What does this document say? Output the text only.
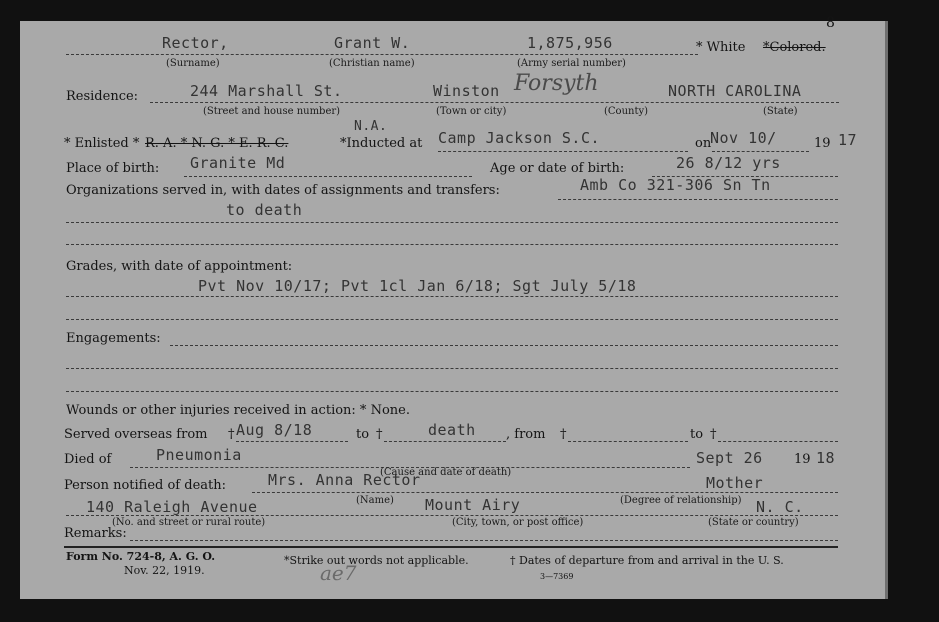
8
Rector,
(Surname)
Grant W.
(Christian name)
1,875,956
(Army serial number)
* White *Colored.
Residence:	244 Marshall St.
(Street and house number)
Winston
(Town or city)
Forsyth
(County)
NORTH CAROLINA
(State)
* Enlisted * R. A. * N. G. * E. R. C.
N.A.
*Inducted at Camp Jackson S.C.	on
Nov 10/	19 17
Place of birth: Granite Md	Age or date of birth:	26 8/12 yrs
Organizations served in, with dates of assignments and transfers:	Amb Co 321-306 Sn Tn
to death
Grades, with date of appointment:
Pvt Nov 10/17; Pvt 1cl Jan 6/18; Sgt July 5/18
Engagements:
Wounds or other injuries received in action: * None.
Served overseas from † Aug 8/18	to †	death , from †	to †
Died of	Pneumonia
(Cause and date of death)
Sept 26 19 18
Person notified of death:	Mrs. Anna Rector
(Name)
Mother
(Degree of relationship)
140 Raleigh Avenue
(No. and street or rural route)
Mount Airy
(City, town, or post office)
N. C.
(State or country)
Remarks:
Form No. 724-8, A. G. O.
Nov. 22, 1919.
*Strike out words not applicable.	† Dates of departure from and arrival in the U. S.
3—7369
ae7
